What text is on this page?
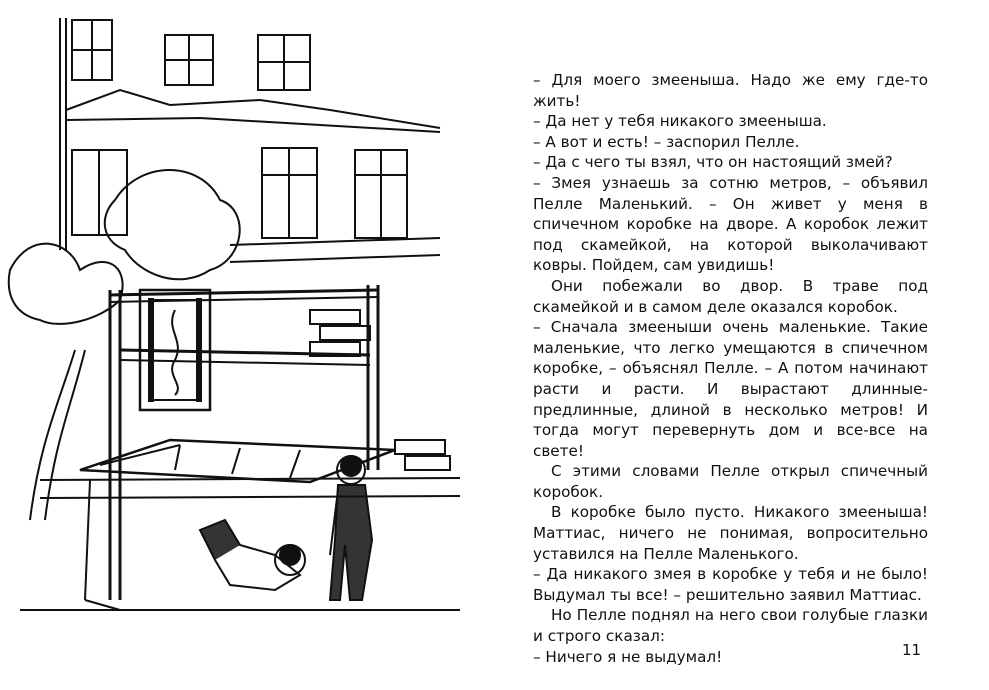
– Для моего змееныша. Надо же ему где-то жить!

– Да нет у тебя никакого змееныша.

– А вот и есть! – заспорил Пелле.

– Да с чего ты взял, что он настоящий змей?

– Змея узнаешь за сотню метров, – объявил Пелле Маленький. – Он живет у меня в спичечном коробке на дворе. А коробок лежит под скамейкой, на которой выколачивают ковры. Пойдем, сам увидишь!

Они побежали во двор. В траве под скамейкой и в самом деле оказался коробок.

– Сначала змееныши очень маленькие. Такие маленькие, что легко умещаются в спичечном коробке, – объяснял Пелле. – А потом начинают расти и расти. И вырастают длинные-предлинные, длиной в несколько метров! И тогда могут перевернуть дом и все-все на свете!

С этими словами Пелле открыл спичечный коробок.

В коробке было пусто. Никакого змееныша! Маттиас, ничего не понимая, вопросительно уставился на Пелле Маленького.

– Да никакого змея в коробке у тебя и не было! Выдумал ты все! – решительно заявил Маттиас.

Но Пелле поднял на него свои голубые глазки и строго сказал:

– Ничего я не выдумал!	11
